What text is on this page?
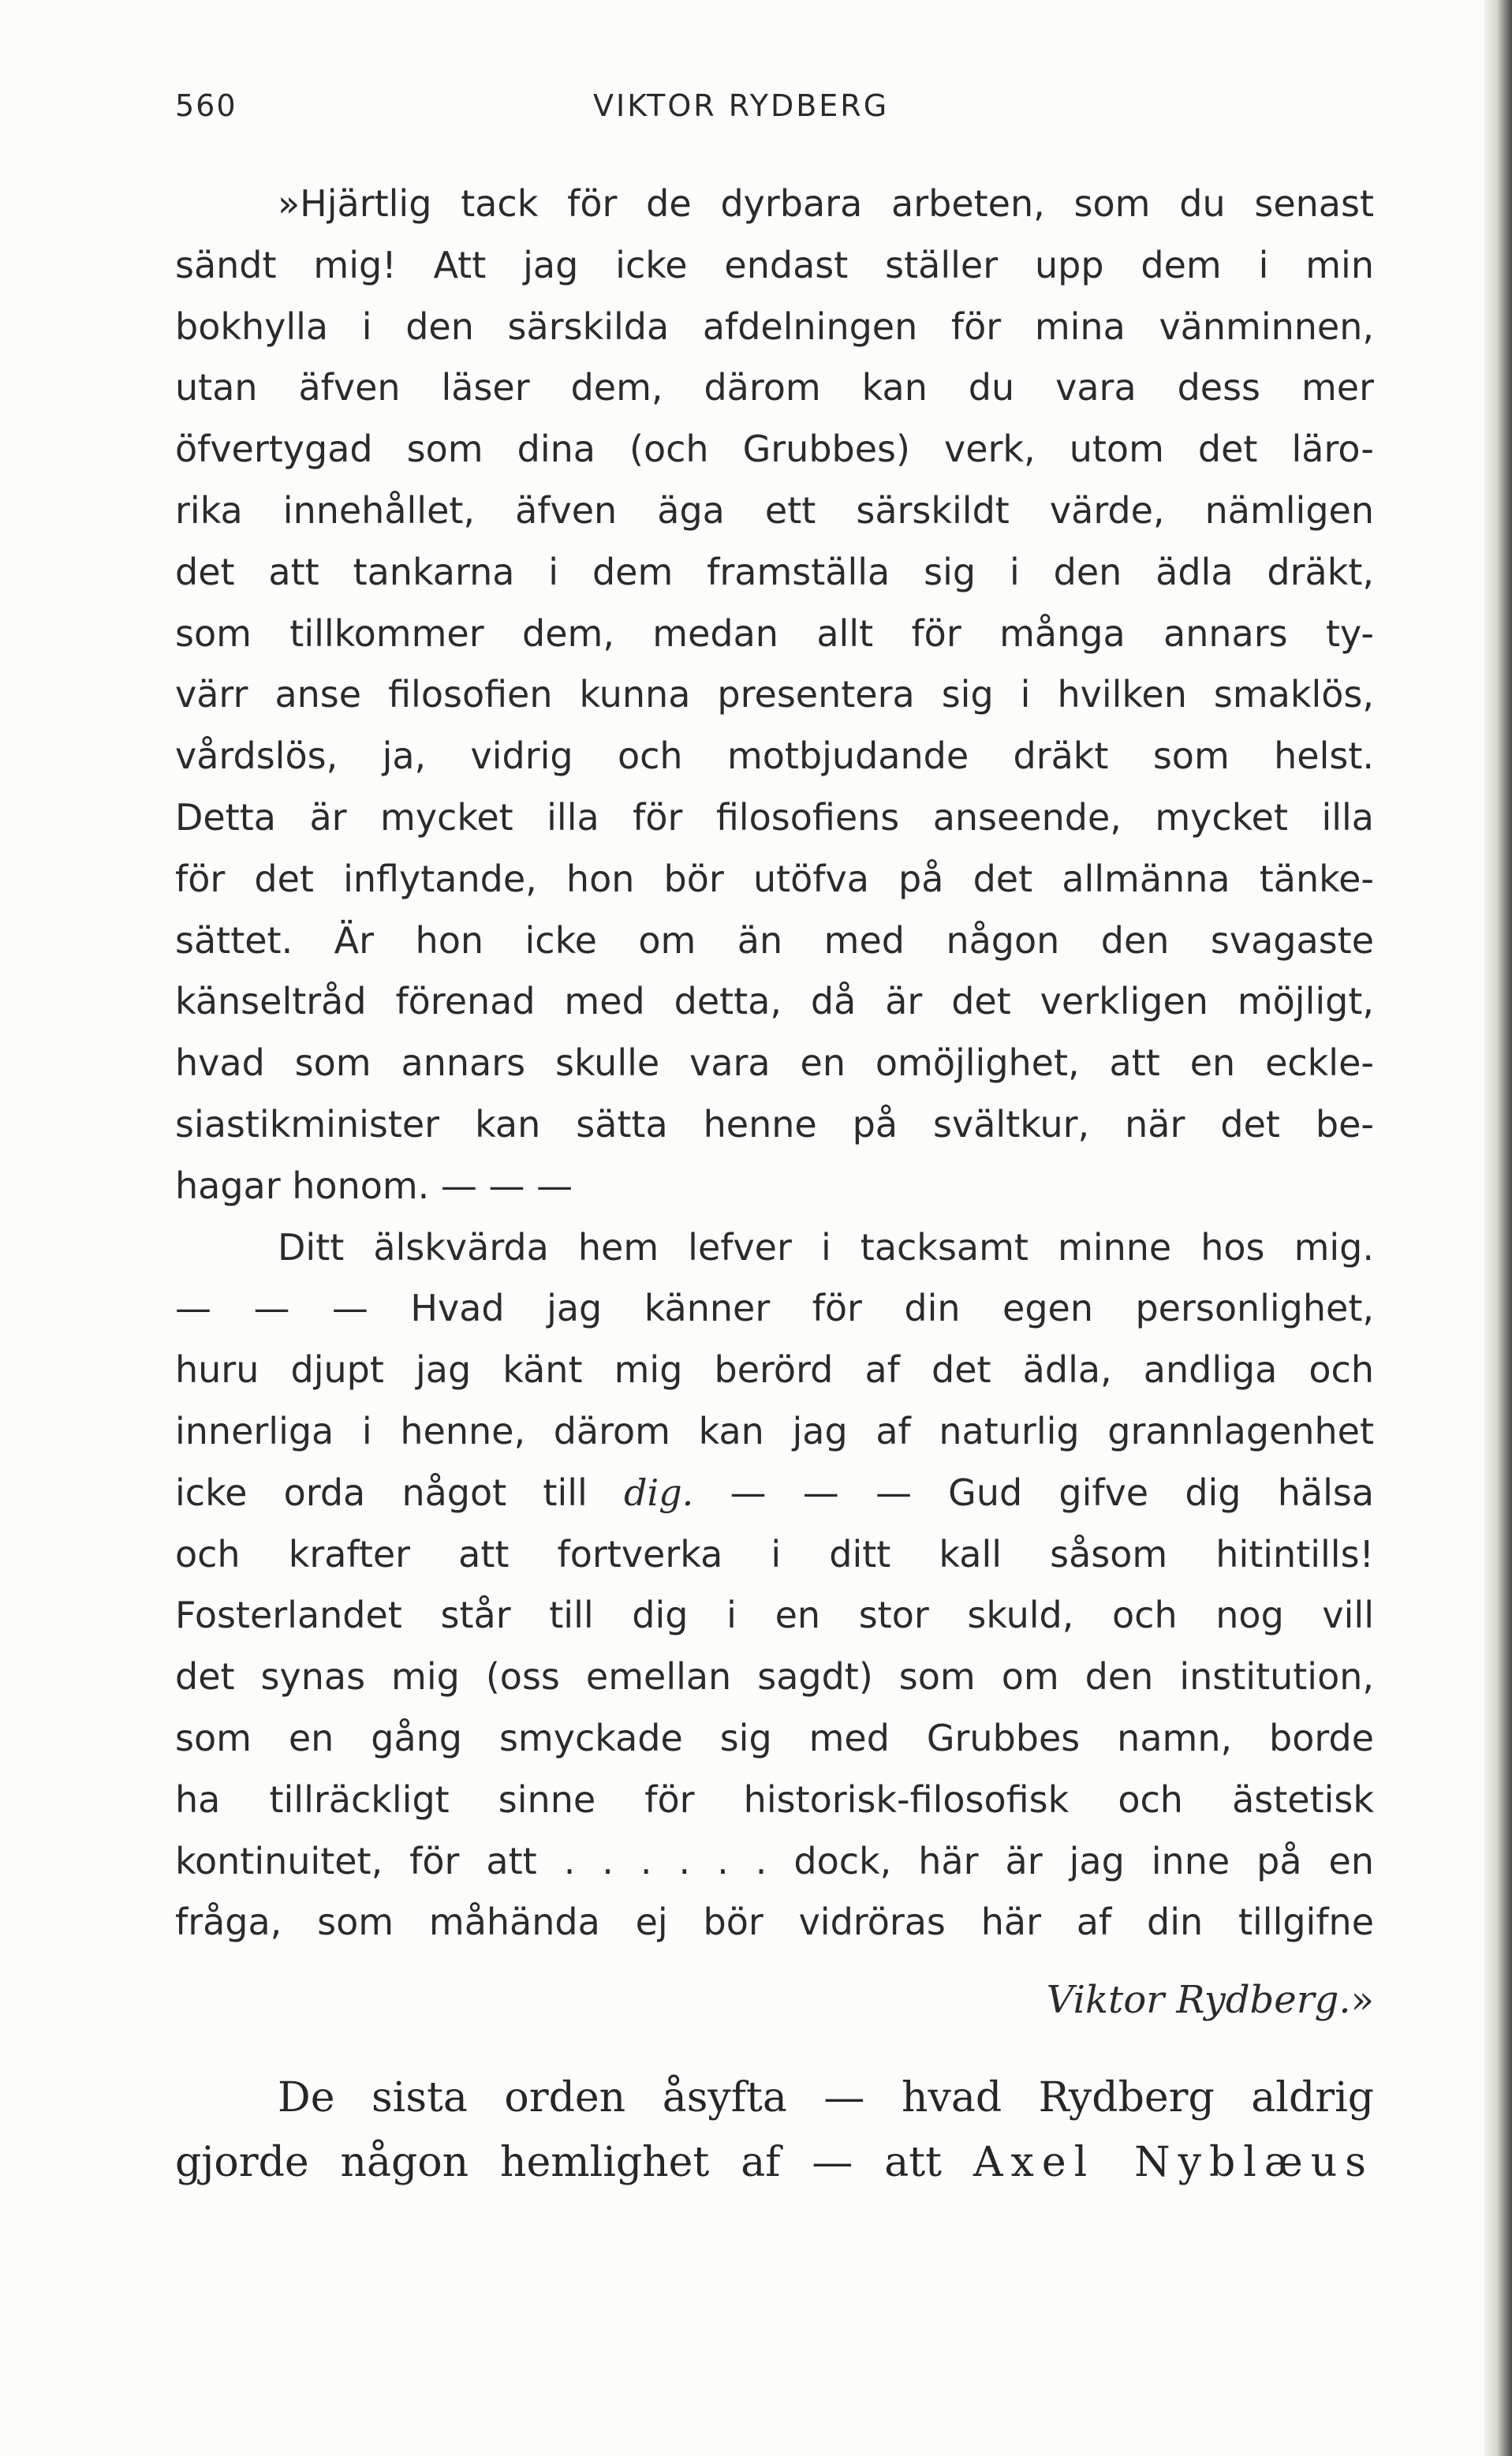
560	VIKTOR RYDBERG
»Hjärtlig tack för de dyrbara arbeten, som du senast
sändt mig! Att jag icke endast ställer upp dem i min
bokhylla i den särskilda afdelningen för mina vänminnen,
utan äfven läser dem, därom kan du vara dess mer
öfvertygad som dina (och Grubbes) verk, utom det läro-
rika innehållet, äfven äga ett särskildt värde, nämligen
det att tankarna i dem framställa sig i den ädla dräkt,
som tillkommer dem, medan allt för många annars ty-
värr anse filosofien kunna presentera sig i hvilken smaklös,
vårdslös, ja, vidrig och motbjudande dräkt som helst.
Detta är mycket illa för filosofiens anseende, mycket illa
för det inflytande, hon bör utöfva på det allmänna tänke-
sättet. Är hon icke om än med någon den svagaste
känseltråd förenad med detta, då är det verkligen möjligt,
hvad som annars skulle vara en omöjlighet, att en eckle-
siastikminister kan sätta henne på svältkur, när det be-
hagar honom. — — —
Ditt älskvärda hem lefver i tacksamt minne hos mig.
— — — Hvad jag känner för din egen personlighet,
huru djupt jag känt mig berörd af det ädla, andliga och
innerliga i henne, därom kan jag af naturlig grannlagenhet
icke orda något till dig. — — — Gud gifve dig hälsa
och krafter att fortverka i ditt kall såsom hitintills!
Fosterlandet står till dig i en stor skuld, och nog vill
det synas mig (oss emellan sagdt) som om den institution,
som en gång smyckade sig med Grubbes namn, borde
ha tillräckligt sinne för historisk-filosofisk och ästetisk
kontinuitet, för att . . . . . . dock, här är jag inne på en
fråga, som måhända ej bör vidröras här af din tillgifne
Viktor Rydberg.»
De sista orden åsyfta — hvad Rydberg aldrig
gjorde någon hemlighet af — att Axel Nyblæus
